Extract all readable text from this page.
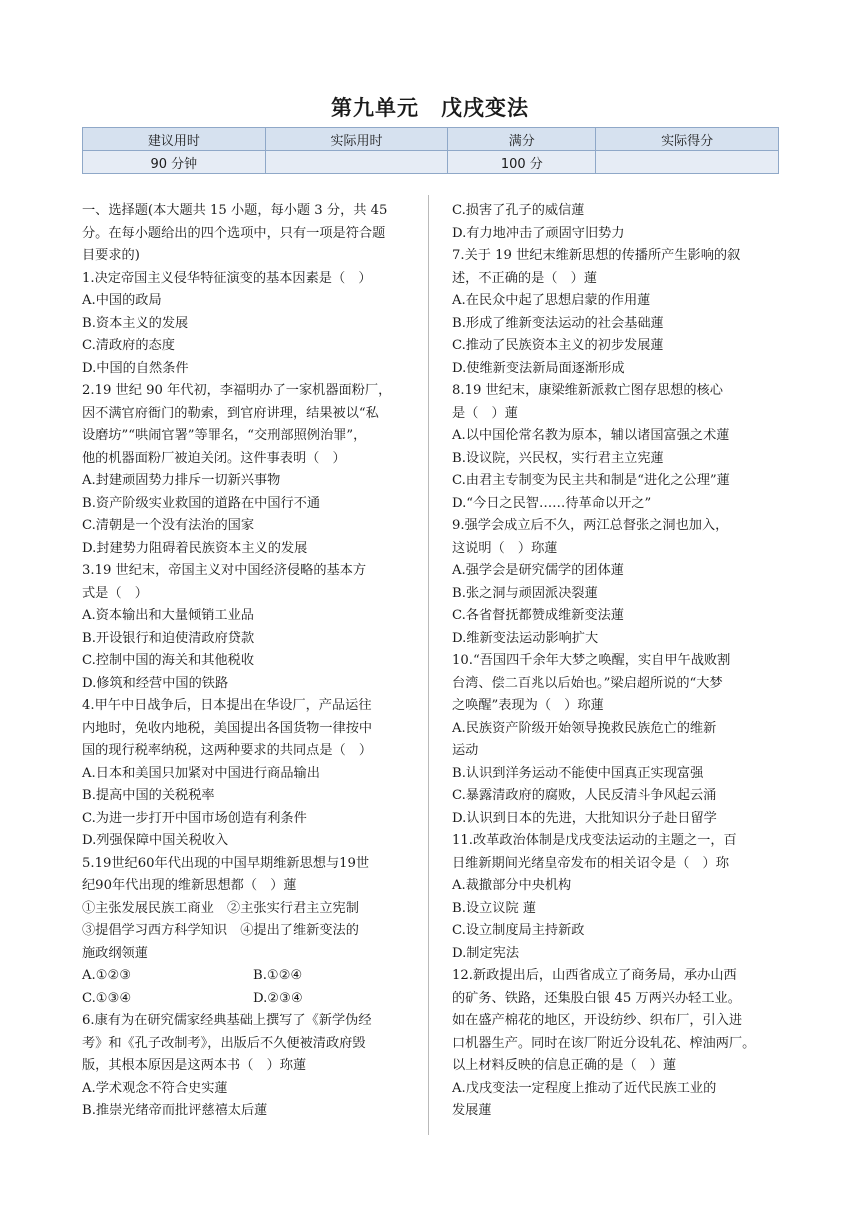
第九单元　戊戌变法
建议用时	实际用时	满分	实际得分
90 分钟		100 分	

一、选择题(本大题共 15 小题，每小题 3 分，共 45

分。在每小题给出的四个选项中，只有一项是符合题

目要求的)

1.决定帝国主义侵华特征演变的基本因素是（　）

A.中国的政局

B.资本主义的发展

C.清政府的态度

D.中国的自然条件

2.19 世纪 90 年代初，李福明办了一家机器面粉厂，

因不满官府衙门的勒索，到官府讲理，结果被以“私

设磨坊”“哄闹官署”等罪名，“交刑部照例治罪”，

他的机器面粉厂被迫关闭。这件事表明（　）

A.封建顽固势力排斥一切新兴事物

B.资产阶级实业救国的道路在中国行不通

C.清朝是一个没有法治的国家

D.封建势力阻碍着民族资本主义的发展

3.19 世纪末，帝国主义对中国经济侵略的基本方

式是（　）

A.资本输出和大量倾销工业品

B.开设银行和迫使清政府贷款

C.控制中国的海关和其他税收

D.修筑和经营中国的铁路

4.甲午中日战争后，日本提出在华设厂，产品运往

内地时，免收内地税，美国提出各国货物一律按中

国的现行税率纳税，这两种要求的共同点是（　）

A.日本和美国只加紧对中国进行商品输出

B.提高中国的关税税率

C.为进一步打开中国市场创造有利条件

D.列强保障中国关税收入

5.19世纪60年代出现的中国早期维新思想与19世

纪90年代出现的维新思想都（　）蓮

①主张发展民族工商业　②主张实行君主立宪制

③提倡学习西方科学知识　④提出了维新变法的

施政纲领蓮

A.①②③	B.①②④
C.①③④	D.②③④

6.康有为在研究儒家经典基础上撰写了《新学伪经

考》和《孔子改制考》，出版后不久便被清政府毁

版，其根本原因是这两本书（　）珎蓮

A.学术观念不符合史实蓮

B.推崇光绪帝而批评慈禧太后蓮

C.损害了孔子的威信蓮

D.有力地冲击了顽固守旧势力

7.关于 19 世纪末维新思想的传播所产生影响的叙

述，不正确的是（　）蓮

A.在民众中起了思想启蒙的作用蓮

B.形成了维新变法运动的社会基础蓮

C.推动了民族资本主义的初步发展蓮

D.使维新变法新局面逐渐形成

8.19 世纪末，康梁维新派救亡图存思想的核心

是（　）蓮

A.以中国伦常名教为原本，辅以诸国富强之术蓮

B.设议院，兴民权，实行君主立宪蓮

C.由君主专制变为民主共和制是“进化之公理”蓮

D.“今日之民智……待革命以开之”

9.强学会成立后不久，两江总督张之洞也加入，

这说明（　）珎蓮

A.强学会是研究儒学的团体蓮

B.张之洞与顽固派决裂蓮

C.各省督抚都赞成维新变法蓮

D.维新变法运动影响扩大

10.“吾国四千余年大梦之唤醒，实自甲午战败割

台湾、偿二百兆以后始也。”梁启超所说的“大梦

之唤醒”表现为（　）珎蓮

A.民族资产阶级开始领导挽救民族危亡的维新

运动

B.认识到洋务运动不能使中国真正实现富强

C.暴露清政府的腐败，人民反清斗争风起云涌

D.认识到日本的先进，大批知识分子赴日留学

11.改革政治体制是戊戌变法运动的主题之一，百

日维新期间光绪皇帝发布的相关诏令是（　）珎

A.裁撤部分中央机构

B.设立议院 蓮

C.设立制度局主持新政

D.制定宪法

12.新政提出后，山西省成立了商务局，承办山西

的矿务、铁路，还集股白银 45 万两兴办轻工业。

如在盛产棉花的地区，开设纺纱、织布厂，引入进

口机器生产。同时在该厂附近分设轧花、榨油两厂。

以上材料反映的信息正确的是（　）蓮

A.戊戌变法一定程度上推动了近代民族工业的

发展蓮
